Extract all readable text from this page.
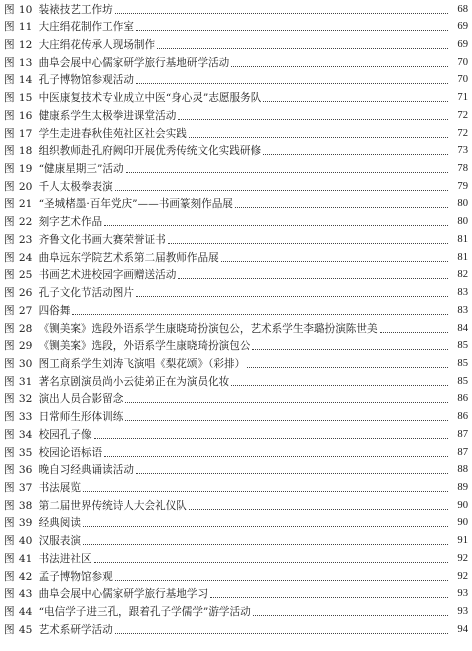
图 10 装裱技艺工作坊	68
图 11 大庄绢花制作工作室	69
图 12 大庄绢花传承人现场制作	69
图 13 曲阜会展中心儒家研学旅行基地研学活动	70
图 14 孔子博物馆参观活动	70
图 15 中医康复技术专业成立中医“身心灵”志愿服务队	71
图 16 健康系学生太极拳进课堂活动	72
图 17 学生走进春秋佳苑社区社会实践	72
图 18 组织教师赴孔府阙印开展优秀传统文化实践研修	73
图 19 “健康星期三”活动	78
图 20 千人太极拳表演	79
图 21 “圣城楮墨·百年党庆”——书画篆刻作品展	80
图 22 刻字艺术作品	80
图 23 齐鲁文化书画大赛荣誉证书	81
图 24 曲阜远东学院艺术系第二届教师作品展	81
图 25 书画艺术进校园字画赠送活动	82
图 26 孔子文化节活动图片	83
图 27 四俗舞	83
图 28 《铡美案》选段外语系学生康晓琦扮演包公，艺术系学生李璐扮演陈世美	84
图 29 《铡美案》选段，外语系学生康晓琦扮演包公	85
图 30 图工商系学生刘涛飞演唱《梨花颂》（彩排）	85
图 31 著名京剧演员尚小云徒弟正在为演员化妆	85
图 32 演出人员合影留念	86
图 33 日常师生形体训练	86
图 34 校园孔子像	87
图 35 校园论语标语	87
图 36 晚自习经典诵读活动	88
图 37 书法展览	89
图 38 第二届世界传统诗人大会礼仪队	90
图 39 经典阅读	90
图 40 汉服表演	91
图 41 书法进社区	92
图 42 孟子博物馆参观	92
图 43 曲阜会展中心儒家研学旅行基地学习	93
图 44 “电信学子进三孔，跟着孔子学儒学”游学活动	93
图 45 艺术系研学活动	94
